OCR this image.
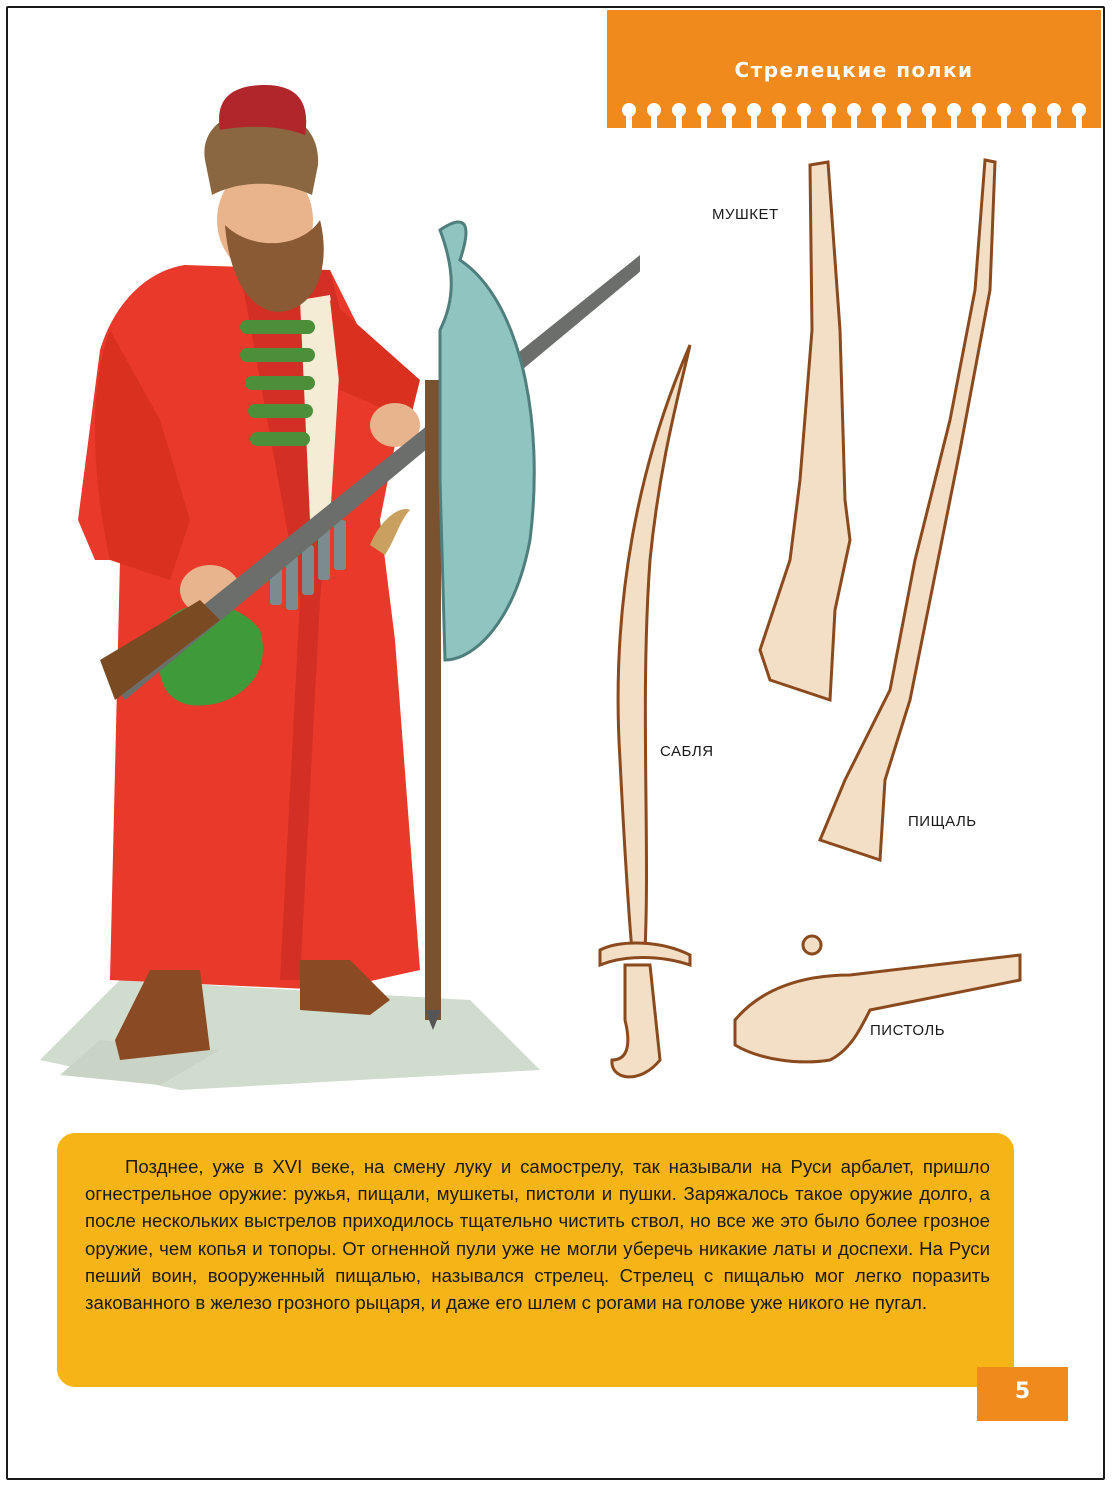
Стрелецкие полки
МУШКЕТ
САБЛЯ
ПИЩАЛЬ
ПИСТОЛЬ

Позднее, уже в XVI веке, на смену луку и самострелу, так называли на Руси арбалет, пришло огнестрельное оружие: ружья, пищали, мушкеты, пистоли и пушки. Заряжалось такое оружие долго, а после нескольких выстрелов приходилось тщательно чистить ствол, но все же это было более грозное оружие, чем копья и топоры. От огненной пули уже не могли уберечь никакие латы и доспехи. На Руси пеший воин, вооруженный пищалью, назывался стрелец. Стрелец с пищалью мог легко поразить закованного в железо грозного рыцаря, и даже его шлем с рогами на голове уже никого не пугал.

5
